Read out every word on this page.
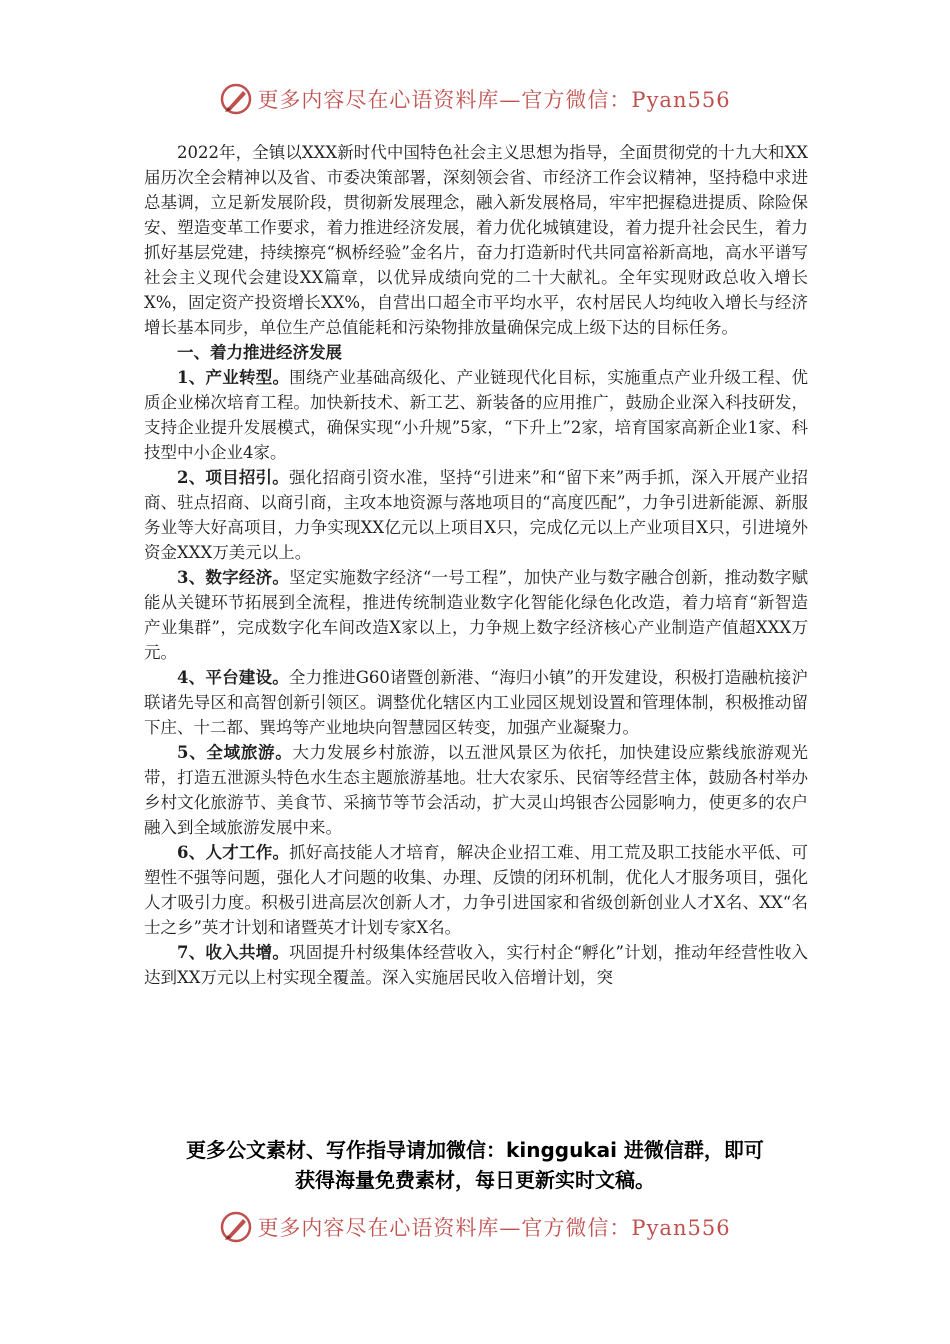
更多内容尽在心语资料库—官方微信：Pyan556

2022年，全镇以XXX新时代中国特色社会主义思想为指导，全面贯彻党的十九大和XX届历次全会精神以及省、市委决策部署，深刻领会省、市经济工作会议精神，坚持稳中求进总基调，立足新发展阶段，贯彻新发展理念，融入新发展格局，牢牢把握稳进提质、除险保安、塑造变革工作要求，着力推进经济发展，着力优化城镇建设，着力提升社会民生，着力抓好基层党建，持续擦亮“枫桥经验”金名片，奋力打造新时代共同富裕新高地，高水平谱写社会主义现代会建设XX篇章，以优异成绩向党的二十大献礼。全年实现财政总收入增长X%，固定资产投资增长XX%，自营出口超全市平均水平，农村居民人均纯收入增长与经济增长基本同步，单位生产总值能耗和污染物排放量确保完成上级下达的目标任务。

一、着力推进经济发展

1、产业转型。围绕产业基础高级化、产业链现代化目标，实施重点产业升级工程、优质企业梯次培育工程。加快新技术、新工艺、新装备的应用推广，鼓励企业深入科技研发，支持企业提升发展模式，确保实现“小升规”5家，“下升上”2家，培育国家高新企业1家、科技型中小企业4家。

2、项目招引。强化招商引资水准，坚持“引进来”和“留下来”两手抓，深入开展产业招商、驻点招商、以商引商，主攻本地资源与落地项目的“高度匹配”，力争引进新能源、新服务业等大好高项目，力争实现XX亿元以上项目X只，完成亿元以上产业项目X只，引进境外资金XXX万美元以上。

3、数字经济。坚定实施数字经济“一号工程”，加快产业与数字融合创新，推动数字赋能从关键环节拓展到全流程，推进传统制造业数字化智能化绿色化改造，着力培育“新智造产业集群”，完成数字化车间改造X家以上，力争规上数字经济核心产业制造产值超XXX万元。

4、平台建设。全力推进G60诸暨创新港、“海归小镇”的开发建设，积极打造融杭接沪联诸先导区和高智创新引领区。调整优化辖区内工业园区规划设置和管理体制，积极推动留下庄、十二都、巽坞等产业地块向智慧园区转变，加强产业凝聚力。

5、全域旅游。大力发展乡村旅游，以五泄风景区为依托，加快建设应紫线旅游观光带，打造五泄源头特色水生态主题旅游基地。壮大农家乐、民宿等经营主体，鼓励各村举办乡村文化旅游节、美食节、采摘节等节会活动，扩大灵山坞银杏公园影响力，使更多的农户融入到全域旅游发展中来。

6、人才工作。抓好高技能人才培育，解决企业招工难、用工荒及职工技能水平低、可塑性不强等问题，强化人才问题的收集、办理、反馈的闭环机制，优化人才服务项目，强化人才吸引力度。积极引进高层次创新人才，力争引进国家和省级创新创业人才X名、XX“名士之乡”英才计划和诸暨英才计划专家X名。

7、收入共增。巩固提升村级集体经营收入，实行村企“孵化”计划，推动年经营性收入达到XX万元以上村实现全覆盖。深入实施居民收入倍增计划，突

更多公文素材、写作指导请加微信：kinggukai 进微信群，即可
获得海量免费素材，每日更新实时文稿。
更多内容尽在心语资料库—官方微信：Pyan556
